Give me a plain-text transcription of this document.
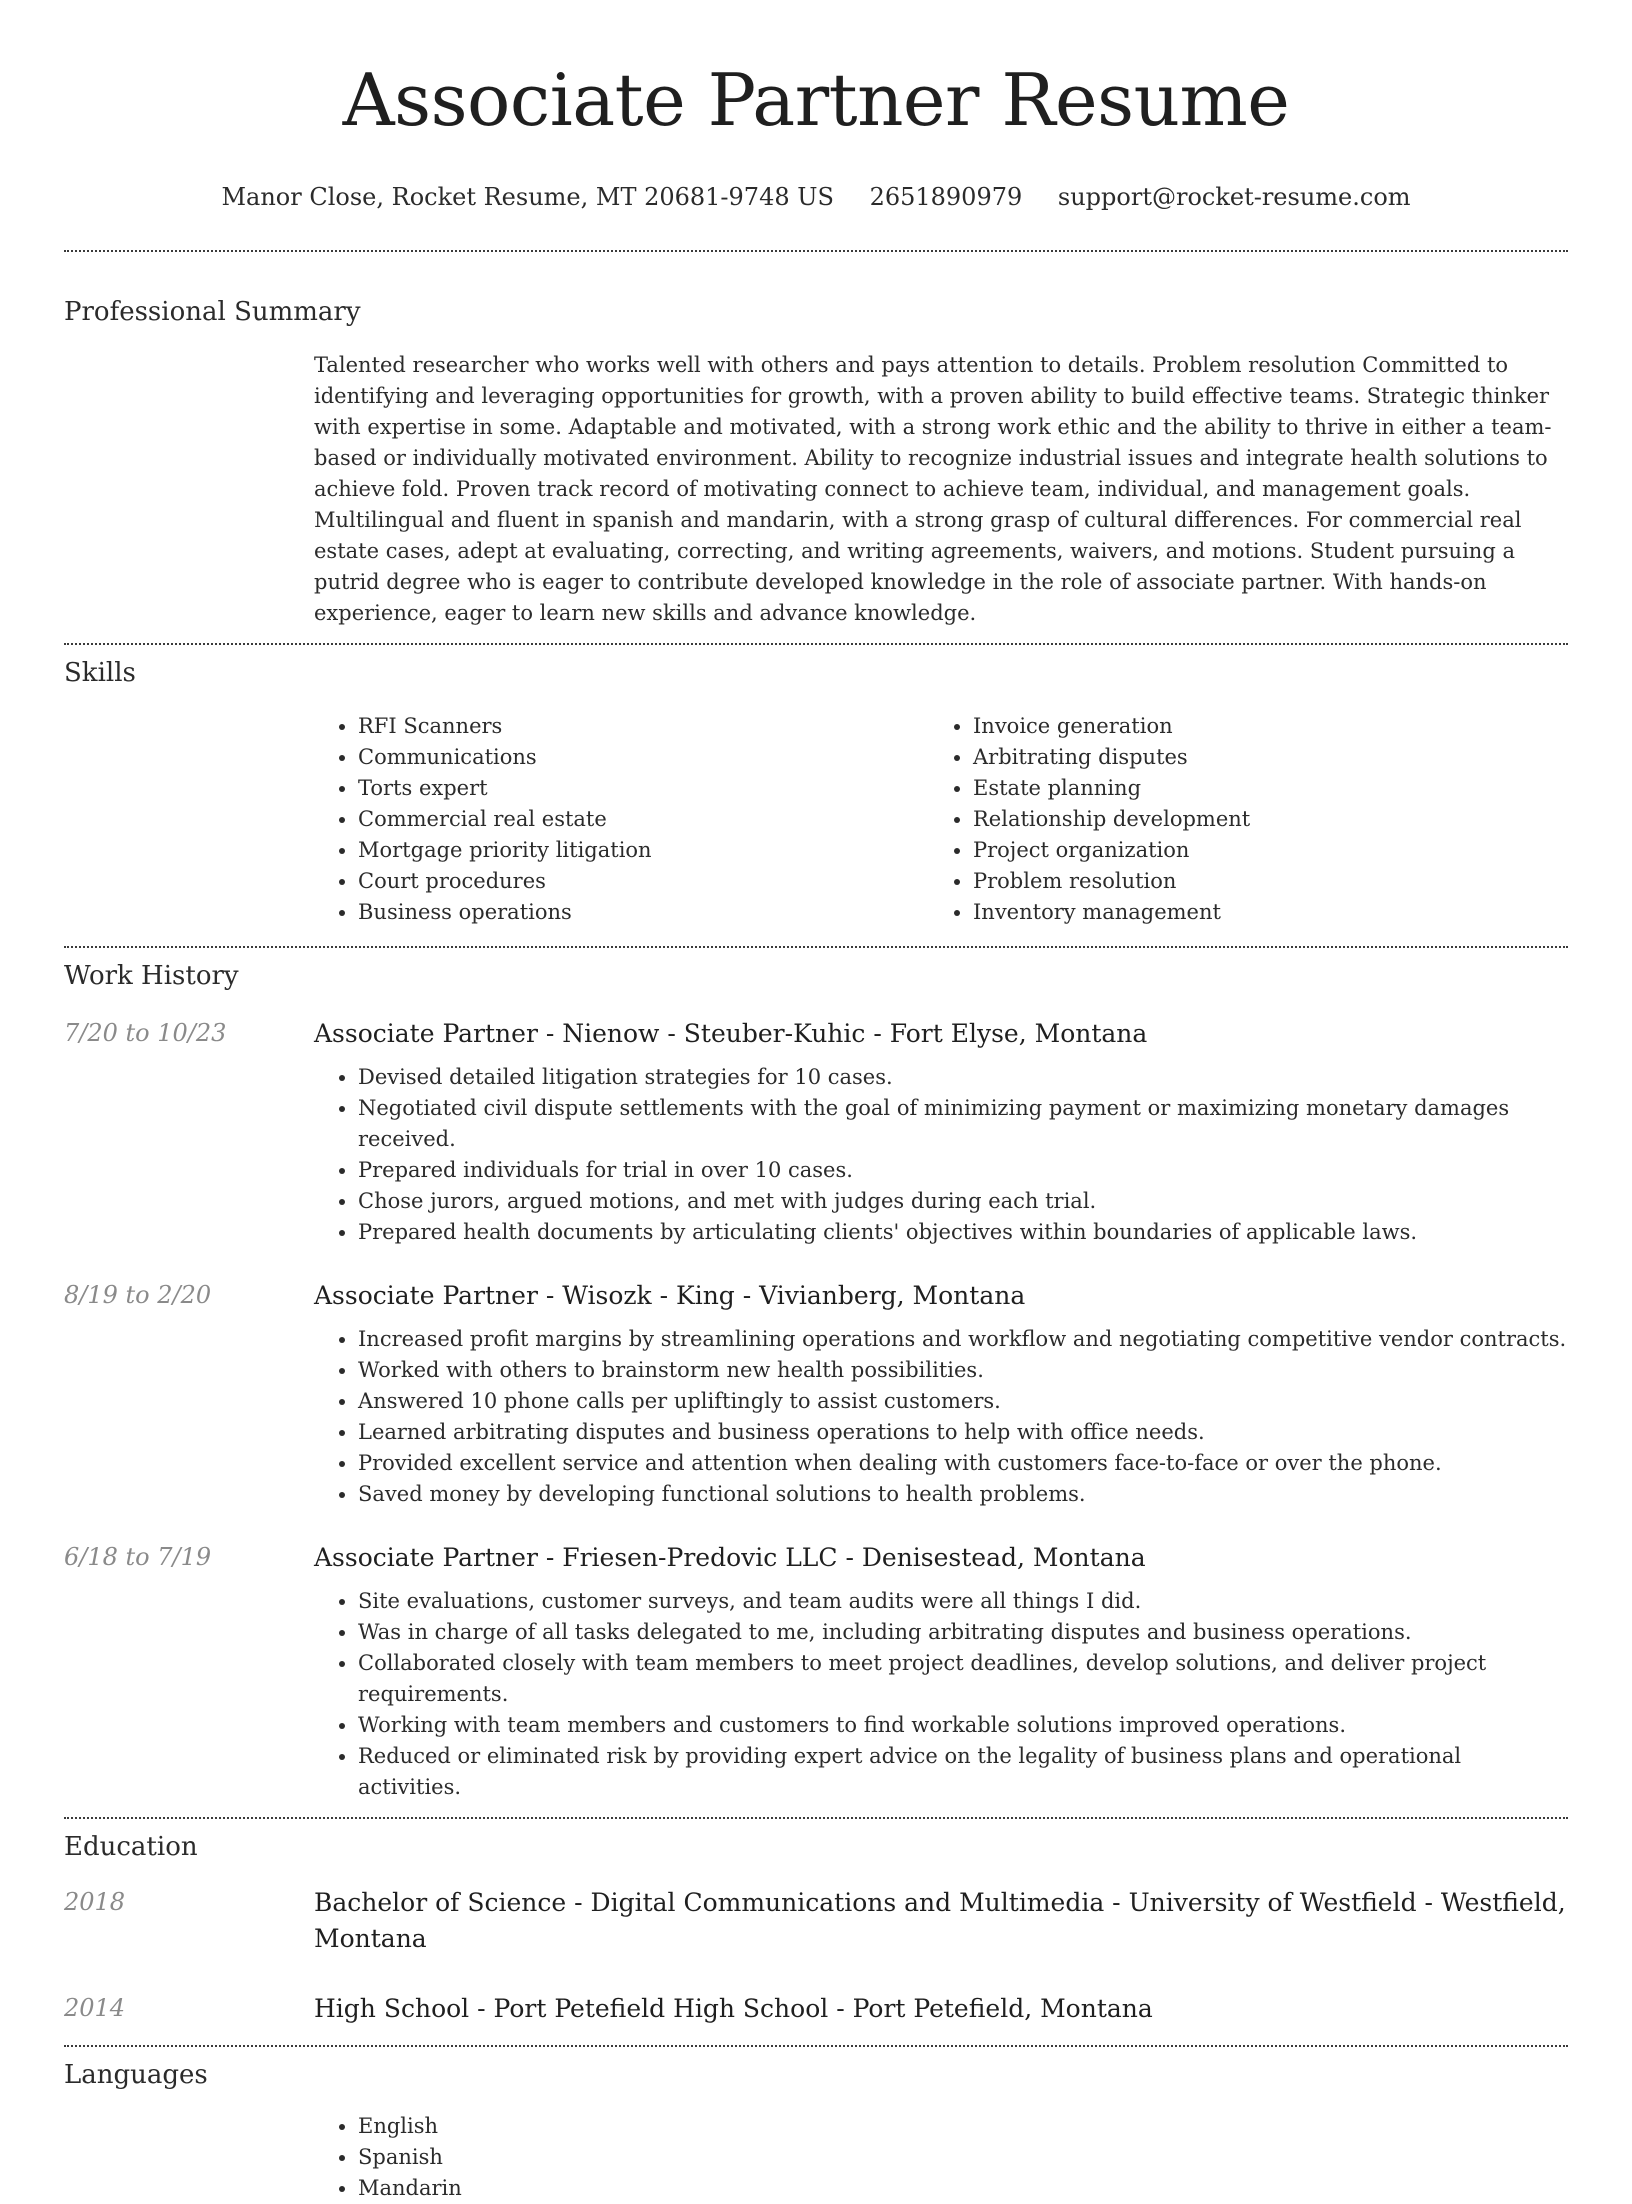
Associate Partner Resume
Manor Close, Rocket Resume, MT 20681-9748 US 2651890979 support@rocket-resume.com
Professional Summary
Talented researcher who works well with others and pays attention to details. Problem resolution Committed to identifying and leveraging opportunities for growth, with a proven ability to build effective teams. Strategic thinker with expertise in some. Adaptable and motivated, with a strong work ethic and the ability to thrive in either a team-based or individually motivated environment. Ability to recognize industrial issues and integrate health solutions to achieve fold. Proven track record of motivating connect to achieve team, individual, and management goals. Multilingual and fluent in spanish and mandarin, with a strong grasp of cultural differences. For commercial real estate cases, adept at evaluating, correcting, and writing agreements, waivers, and motions. Student pursuing a putrid degree who is eager to contribute developed knowledge in the role of associate partner. With hands-on experience, eager to learn new skills and advance knowledge.
Skills
• RFI Scanners
• Communications
• Torts expert
• Commercial real estate
• Mortgage priority litigation
• Court procedures
• Business operations
• Invoice generation
• Arbitrating disputes
• Estate planning
• Relationship development
• Project organization
• Problem resolution
• Inventory management
Work History
7/20 to 10/23	Associate Partner - Nienow - Steuber-Kuhic - Fort Elyse, Montana
• Devised detailed litigation strategies for 10 cases.
• Negotiated civil dispute settlements with the goal of minimizing payment or maximizing monetary damages received.
• Prepared individuals for trial in over 10 cases.
• Chose jurors, argued motions, and met with judges during each trial.
• Prepared health documents by articulating clients' objectives within boundaries of applicable laws.
8/19 to 2/20	Associate Partner - Wisozk - King - Vivianberg, Montana
• Increased profit margins by streamlining operations and workflow and negotiating competitive vendor contracts.
• Worked with others to brainstorm new health possibilities.
• Answered 10 phone calls per upliftingly to assist customers.
• Learned arbitrating disputes and business operations to help with office needs.
• Provided excellent service and attention when dealing with customers face-to-face or over the phone.
• Saved money by developing functional solutions to health problems.
6/18 to 7/19	Associate Partner - Friesen-Predovic LLC - Denisestead, Montana
• Site evaluations, customer surveys, and team audits were all things I did.
• Was in charge of all tasks delegated to me, including arbitrating disputes and business operations.
• Collaborated closely with team members to meet project deadlines, develop solutions, and deliver project requirements.
• Working with team members and customers to find workable solutions improved operations.
• Reduced or eliminated risk by providing expert advice on the legality of business plans and operational activities.
Education
2018	Bachelor of Science - Digital Communications and Multimedia - University of Westfield - Westfield, Montana
2014	High School - Port Petefield High School - Port Petefield, Montana
Languages
• English
• Spanish
• Mandarin
